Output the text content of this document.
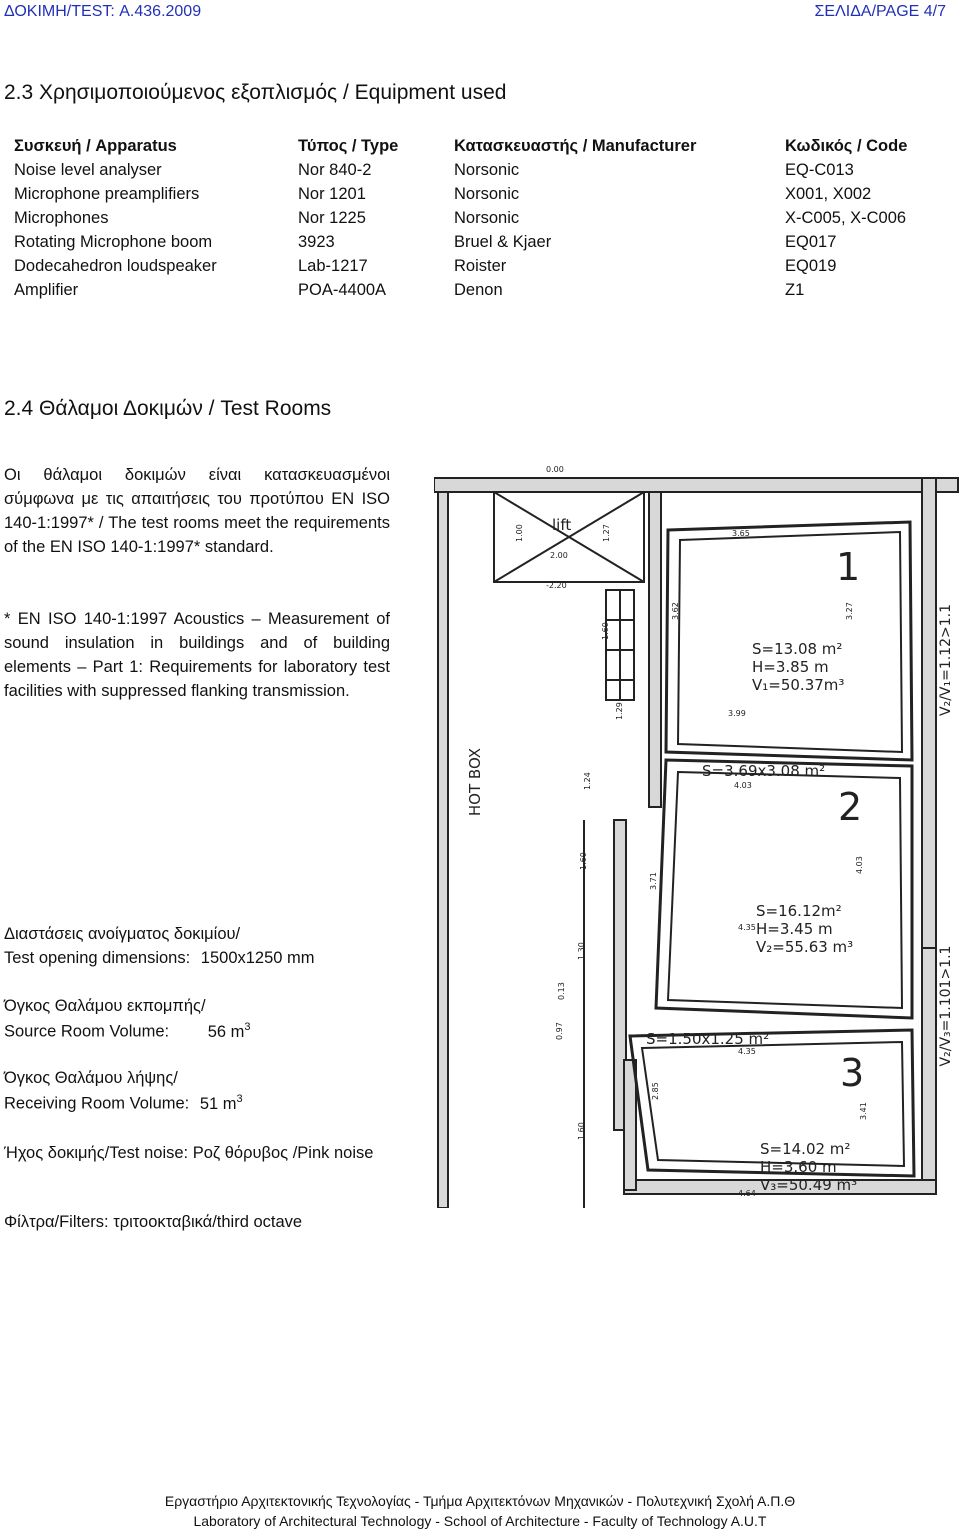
ΔΟΚΙΜΗ/TEST: Α.436.2009	ΣΕΛΙΔΑ/PAGE 4/7
2.3 Χρησιμοποιούμενος εξοπλισμός / Equipment used
Συσκευή / Apparatus	Τύπος / Type	Κατασκευαστής / Manufacturer	Κωδικός / Code
Noise level analyser	Nor 840-2	Norsonic	EQ-C013
Microphone preamplifiers	Nor 1201	Norsonic	X001, X002
Microphones	Nor 1225	Norsonic	X-C005, X-C006
Rotating Microphone boom	3923	Bruel & Kjaer	EQ017
Dodecahedron loudspeaker	Lab-1217	Roister	EQ019
Amplifier	POA-4400A	Denon	Z1
2.4 Θάλαμοι Δοκιμών / Test Rooms
Οι θάλαμοι δοκιμών είναι κατασκευασμένοι σύμφωνα με τις απαιτήσεις του προτύπου EN ISO 140-1:1997* / The test rooms meet the requirements of the EN ISO 140-1:1997* standard.
* EN ISO 140-1:1997 Acoustics – Measurement of sound insulation in buildings and of building elements – Part 1: Requirements for laboratory test facilities with suppressed flanking transmission.
Διαστάσεις ανοίγματος δοκιμίου/
Test opening dimensions: 1500x1250 mm
Όγκος Θαλάμου εκπομπής/
Source Room Volume: 56 $m^3$
Όγκος Θαλάμου λήψης/
Receiving Room Volume: 51 $m^3$
Ήχος δοκιμής/Test noise: Ροζ θόρυβος /Pink noise
Φίλτρα/Filters: τριτοοκταβικά/third octave
0.00
1.00
2.00
1.27
-2.20
3.65
1.60
3.62	3.27
1.29	3.99
1.24	4.03
1.60
3.71
4.03
1.30
0.13
4.35
0.97
4.35
2.85
1.60
3.41
4.64
lift
HOT BOX
1
S=13.08 m²
H=3.85 m
V₁=50.37m³
S=3.69x3.08 m²
2
V₂/V₁=1.12>1.1
S=16.12m²
H=3.45 m
V₂=55.63 m³
S=1.50x1.25 m²	V₂/V₃=1.101>1.1
3
S=14.02 m²
H=3.60 m
V₃=50.49 m³
Εργαστήριο Αρχιτεκτονικής Τεχνολογίας - Τμήμα Αρχιτεκτόνων Μηχανικών - Πολυτεχνική Σχολή Α.Π.Θ
Laboratory of Architectural Technology - School of Architecture - Faculty of Technology A.U.T
